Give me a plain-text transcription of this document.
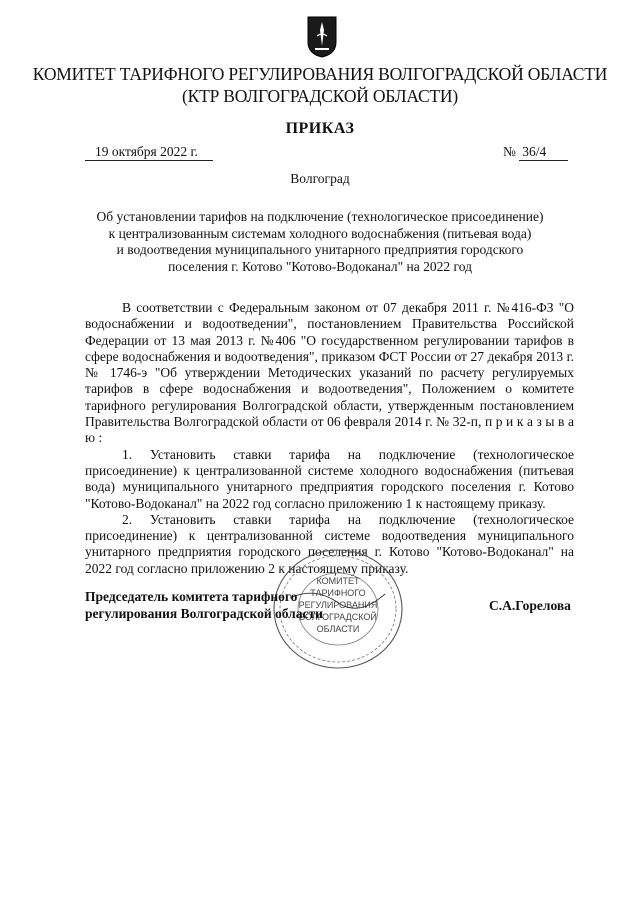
КОМИТЕТ ТАРИФНОГО РЕГУЛИРОВАНИЯ ВОЛГОГРАДСКОЙ ОБЛАСТИ
(КТР ВОЛГОГРАДСКОЙ ОБЛАСТИ)
ПРИКАЗ
19 октября 2022 г.	№ 36/4
Волгоград
Об установлении тарифов на подключение (технологическое присоединение)
к централизованным системам холодного водоснабжения (питьевая вода)
и водоотведения муниципального унитарного предприятия городского
поселения г. Котово "Котово-Водоканал" на 2022 год

В соответствии с Федеральным законом от 07 декабря 2011 г. №416-ФЗ "О водоснабжении и водоотведении", постановлением Правительства Российской Федерации от 13 мая 2013 г. №406 "О государственном регулировании тарифов в сфере водоснабжения и водоотведения", приказом ФСТ России от 27 декабря 2013 г. № 1746-э "Об утверждении Методических указаний по расчету регулируемых тарифов в сфере водоснабжения и водоотведения", Положением о комитете тарифного регулирования Волгоградской области, утвержденным постановлением Правительства Волгоградской области от 06 февраля 2014 г. № 32-п, п р и к а з ы в а ю :

1. Установить ставки тарифа на подключение (технологическое присоединение) к централизованной системе холодного водоснабжения (питьевая вода) муниципального унитарного предприятия городского поселения г. Котово "Котово-Водоканал" на 2022 год согласно приложению 1 к настоящему приказу.

2. Установить ставки тарифа на подключение (технологическое присоединение) к централизованной системе водоотведения муниципального унитарного предприятия городского поселения г. Котово "Котово-Водоканал" на 2022 год согласно приложению 2 к настоящему приказу.

КОМИТЕТ
ТАРИФНОГО
РЕГУЛИРОВАНИЯ
ВОЛГОГРАДСКОЙ
ОБЛАСТИ
Председатель комитета тарифного
регулирования Волгоградской области
С.А.Горелова
